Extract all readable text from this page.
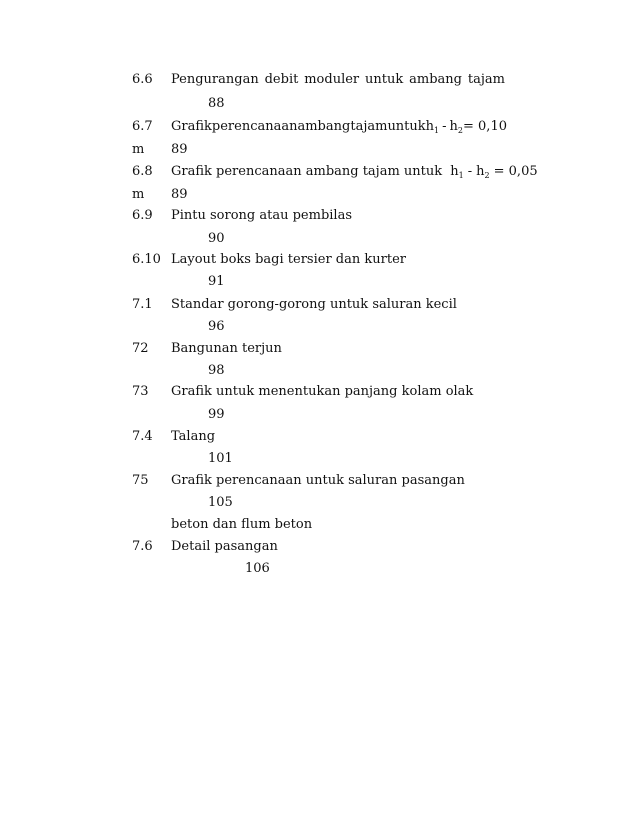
6.6 Pengurangan debit moduler untuk ambang tajam
88
6.7 Grafik perencanaan ambang tajam untuk $h_1 - h_2= 0,10$
m 89
6.8 Grafik perencanaan ambang tajam untuk $h_1 - h_2 = 0,05$
m 89
6.9 Pintu sorong atau pembilas
90
6.10 Layout boks bagi tersier dan kurter
91
7.1 Standar gorong-gorong untuk saluran kecil
96
72 Bangunan terjun
98
73 Grafik untuk menentukan panjang kolam olak
99
7.4 Talang
101
75 Grafik perencanaan untuk saluran pasangan
105
beton dan flum beton
7.6 Detail pasangan
106
